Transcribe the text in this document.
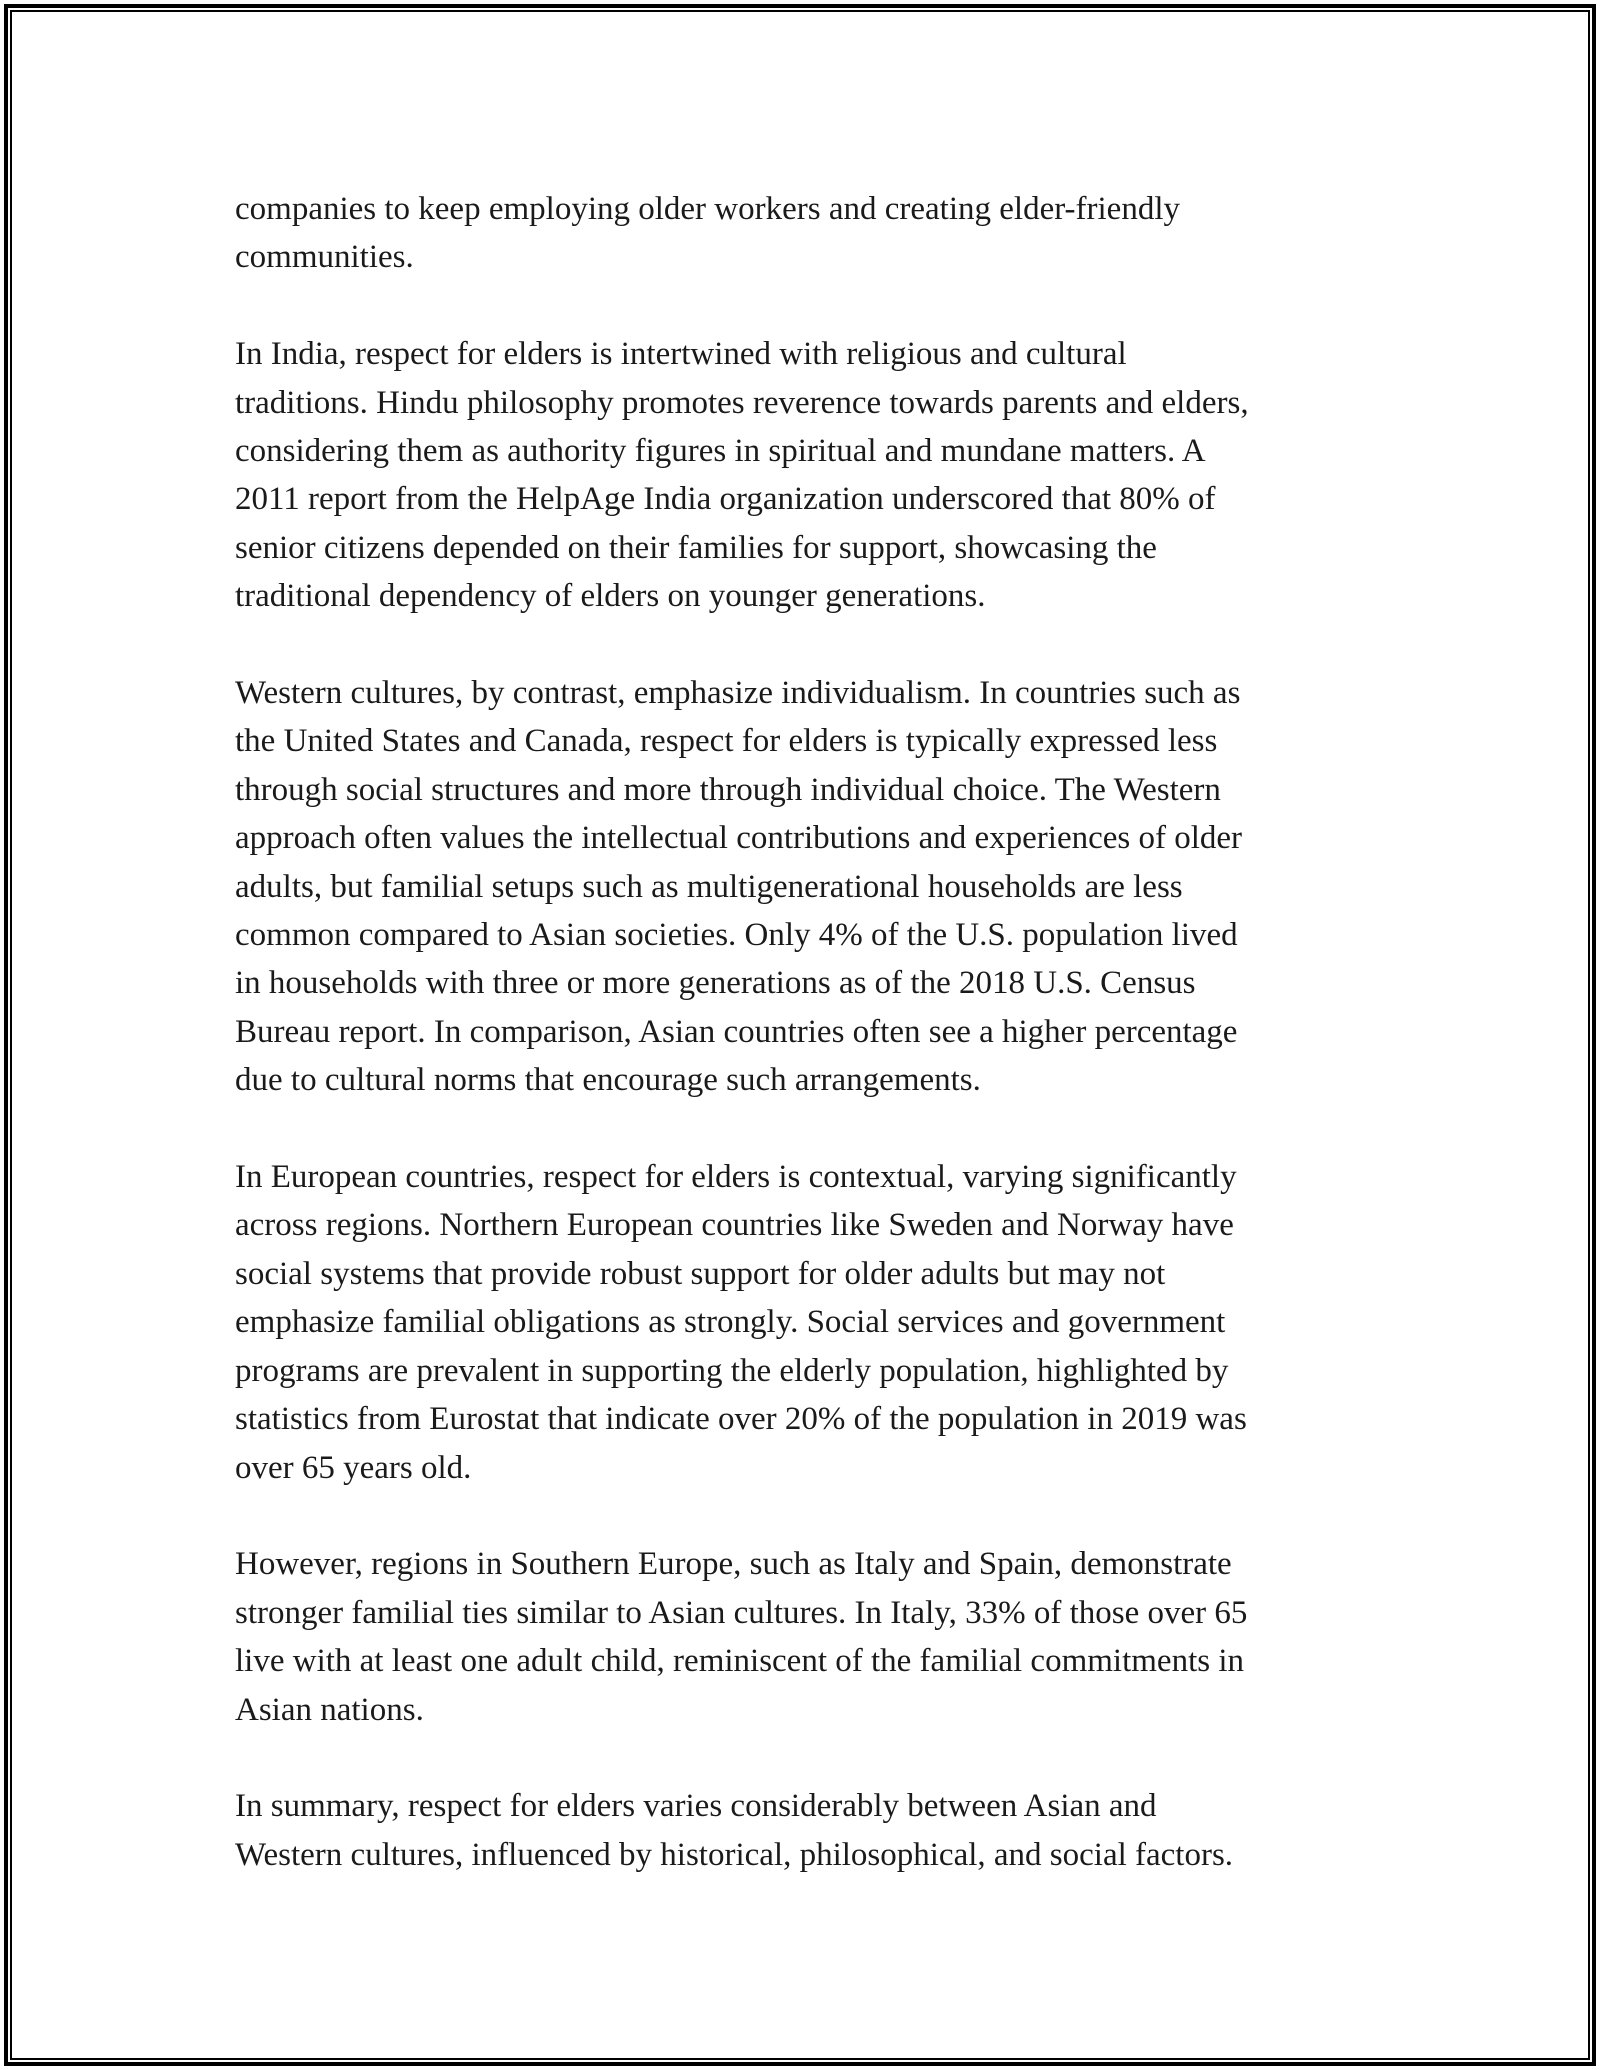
companies to keep employing older workers and creating elder-friendly
communities.

In India, respect for elders is intertwined with religious and cultural
traditions. Hindu philosophy promotes reverence towards parents and elders,
considering them as authority figures in spiritual and mundane matters. A
2011 report from the HelpAge India organization underscored that 80% of
senior citizens depended on their families for support, showcasing the
traditional dependency of elders on younger generations.

Western cultures, by contrast, emphasize individualism. In countries such as
the United States and Canada, respect for elders is typically expressed less
through social structures and more through individual choice. The Western
approach often values the intellectual contributions and experiences of older
adults, but familial setups such as multigenerational households are less
common compared to Asian societies. Only 4% of the U.S. population lived
in households with three or more generations as of the 2018 U.S. Census
Bureau report. In comparison, Asian countries often see a higher percentage
due to cultural norms that encourage such arrangements.

In European countries, respect for elders is contextual, varying significantly
across regions. Northern European countries like Sweden and Norway have
social systems that provide robust support for older adults but may not
emphasize familial obligations as strongly. Social services and government
programs are prevalent in supporting the elderly population, highlighted by
statistics from Eurostat that indicate over 20% of the population in 2019 was
over 65 years old.

However, regions in Southern Europe, such as Italy and Spain, demonstrate
stronger familial ties similar to Asian cultures. In Italy, 33% of those over 65
live with at least one adult child, reminiscent of the familial commitments in
Asian nations.

In summary, respect for elders varies considerably between Asian and
Western cultures, influenced by historical, philosophical, and social factors.
